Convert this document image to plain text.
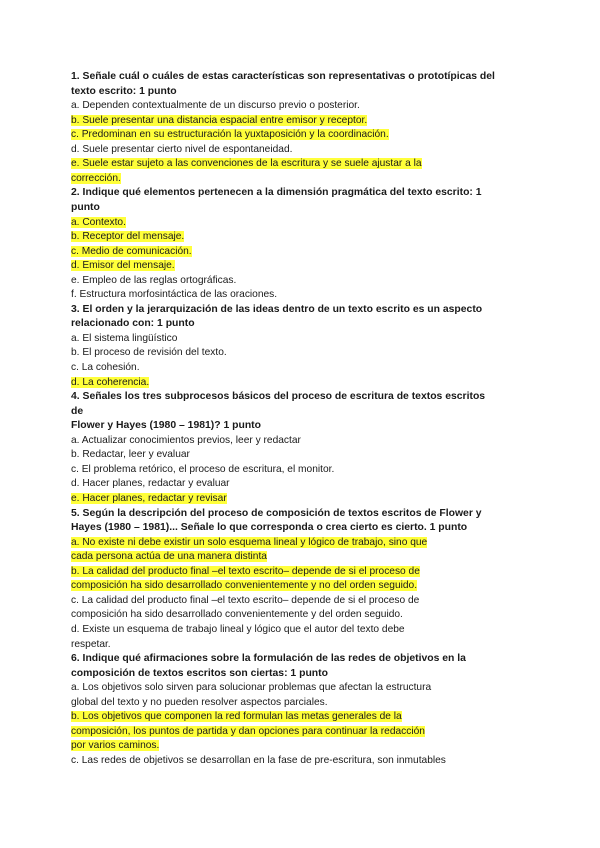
1. Señale cuál o cuáles de estas características son representativas o prototípicas del
texto escrito: 1 punto
a. Dependen contextualmente de un discurso previo o posterior.
b. Suele presentar una distancia espacial entre emisor y receptor.
c. Predominan en su estructuración la yuxtaposición y la coordinación.
d. Suele presentar cierto nivel de espontaneidad.
e. Suele estar sujeto a las convenciones de la escritura y se suele ajustar a la
corrección.
2. Indique qué elementos pertenecen a la dimensión pragmática del texto escrito: 1
punto
a. Contexto.
b. Receptor del mensaje.
c. Medio de comunicación.
d. Emisor del mensaje.
e. Empleo de las reglas ortográficas.
f. Estructura morfosintáctica de las oraciones.
3. El orden y la jerarquización de las ideas dentro de un texto escrito es un aspecto
relacionado con: 1 punto
a. El sistema lingüístico
b. El proceso de revisión del texto.
c. La cohesión.
d. La coherencia.
4. Señales los tres subprocesos básicos del proceso de escritura de textos escritos
de
Flower y Hayes (1980 – 1981)? 1 punto
a. Actualizar conocimientos previos, leer y redactar
b. Redactar, leer y evaluar
c. El problema retórico, el proceso de escritura, el monitor.
d. Hacer planes, redactar y evaluar
e. Hacer planes, redactar y revisar
5. Según la descripción del proceso de composición de textos escritos de Flower y
Hayes (1980 – 1981)... Señale lo que corresponda o crea cierto es cierto. 1 punto
a. No existe ni debe existir un solo esquema lineal y lógico de trabajo, sino que
cada persona actúa de una manera distinta
b. La calidad del producto final –el texto escrito– depende de si el proceso de
composición ha sido desarrollado convenientemente y no del orden seguido.
c. La calidad del producto final –el texto escrito– depende de si el proceso de
composición ha sido desarrollado convenientemente y del orden seguido.
d. Existe un esquema de trabajo lineal y lógico que el autor del texto debe
respetar.
6. Indique qué afirmaciones sobre la formulación de las redes de objetivos en la
composición de textos escritos son ciertas: 1 punto
a. Los objetivos solo sirven para solucionar problemas que afectan la estructura
global del texto y no pueden resolver aspectos parciales.
b. Los objetivos que componen la red formulan las metas generales de la
composición, los puntos de partida y dan opciones para continuar la redacción
por varios caminos.
c. Las redes de objetivos se desarrollan en la fase de pre-escritura, son inmutables
